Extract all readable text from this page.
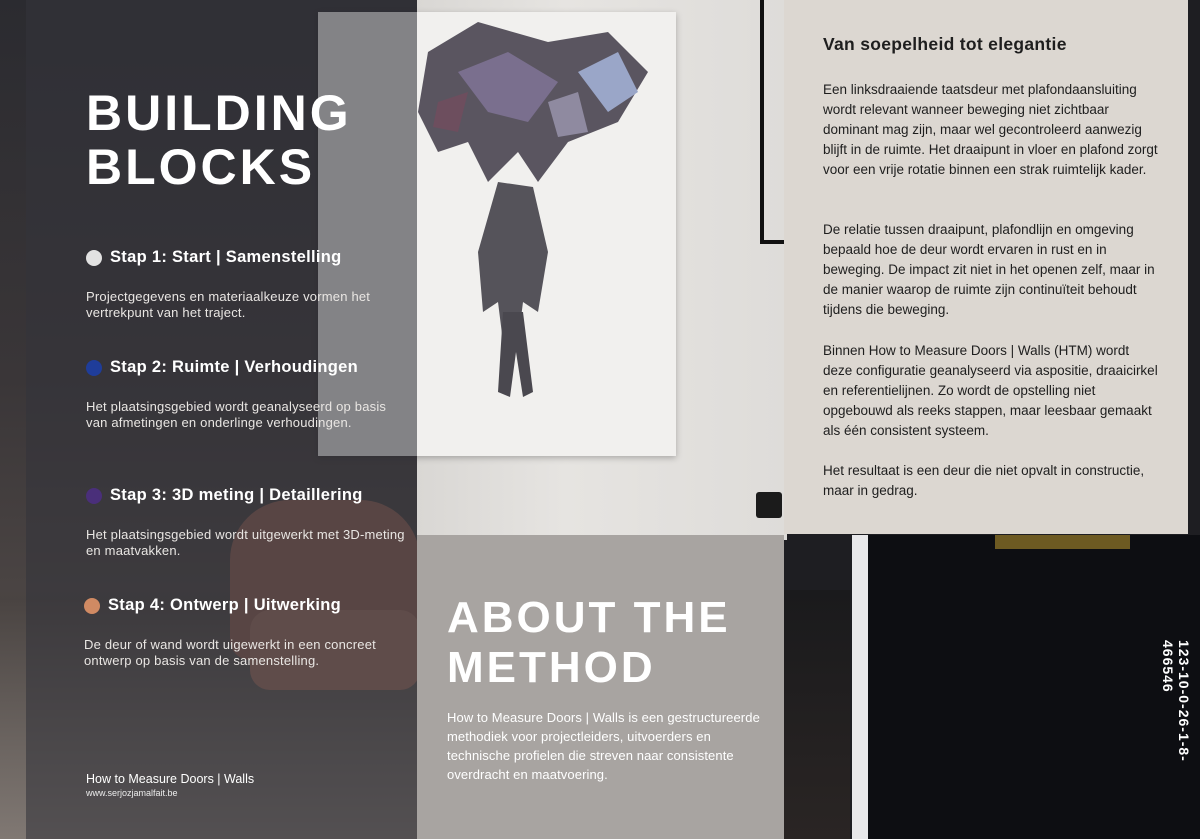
BUILDING
BLOCKS
Stap 1: Start | Samenstelling
Projectgegevens en materiaalkeuze vormen het vertrekpunt van het traject.
Stap 2: Ruimte | Verhoudingen
Het plaatsingsgebied wordt geanalyseerd op basis van afmetingen en onderlinge verhoudingen.
Stap 3: 3D meting | Detaillering
Het plaatsingsgebied wordt uitgewerkt met 3D-meting en maatvakken.
Stap 4: Ontwerp | Uitwerking
De deur of wand wordt uigewerkt in een concreet ontwerp op basis van de samenstelling.
How to Measure Doors | Walls
www.serjozjamalfait.be
ABOUT THE
METHOD
How to Measure Doors | Walls is een gestructureerde methodiek voor projectleiders, uitvoerders en technische profielen die streven naar consistente overdracht en maatvoering.
Van soepelheid tot elegantie

Een linksdraaiende taatsdeur met plafondaansluiting wordt relevant wanneer beweging niet zichtbaar dominant mag zijn, maar wel gecontroleerd aanwezig blijft in de ruimte. Het draaipunt in vloer en plafond zorgt voor een vrije rotatie binnen een strak ruimtelijk kader.

De relatie tussen draaipunt, plafondlijn en omgeving bepaald hoe de deur wordt ervaren in rust en in beweging. De impact zit niet in het openen zelf, maar in de manier waarop de ruimte zijn continuïteit behoudt tijdens die beweging.

Binnen How to Measure Doors | Walls (HTM) wordt deze configuratie geanalyseerd via aspositie, draaicirkel en referentielijnen. Zo wordt de opstelling niet opgebouwd als reeks stappen, maar leesbaar gemaakt als één consistent systeem.

Het resultaat is een deur die niet opvalt in constructie, maar in gedrag.

123-10-0-26-1-8-466546
